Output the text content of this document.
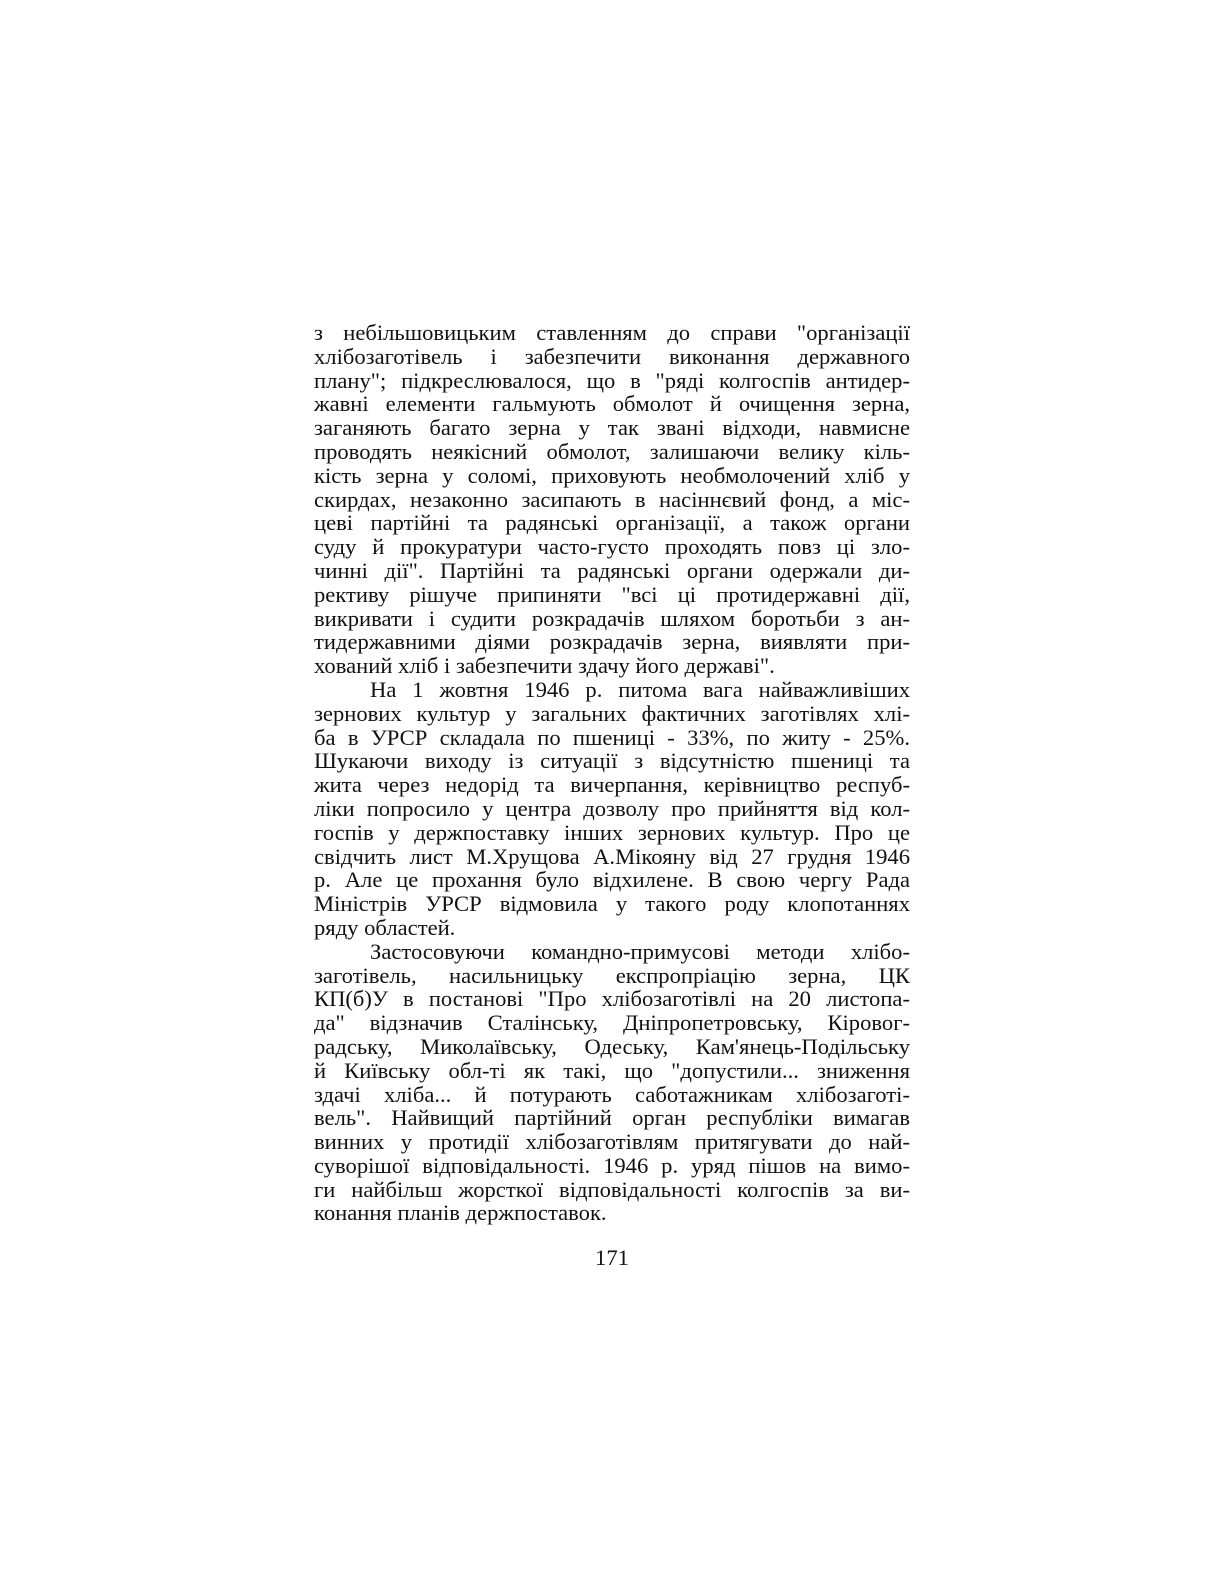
з небільшовицьким ставленням до справи "організації
хлібозаготівель і забезпечити виконання державного
плану"; підкреслювалося, що в "ряді колгоспів антидер-
жавні елементи гальмують обмолот й очищення зерна,
заганяють багато зерна у так звані відходи, навмисне
проводять неякісний обмолот, залишаючи велику кіль-
кість зерна у соломі, приховують необмолочений хліб у
скирдах, незаконно засипають в насіннєвий фонд, а міс-
цеві партійні та радянські організації, а також органи
суду й прокуратури часто-густо проходять повз ці зло-
чинні дії". Партійні та радянські органи одержали ди-
рективу рішуче припиняти "всі ці протидержавні дії,
викривати і судити розкрадачів шляхом боротьби з ан-
тидержавними діями розкрадачів зерна, виявляти при-
хований хліб і забезпечити здачу його державі".
На 1 жовтня 1946 р. питома вага найважливіших
зернових культур у загальних фактичних заготівлях хлі-
ба в УРСР складала по пшениці - 33%, по житу - 25%.
Шукаючи виходу із ситуації з відсутністю пшениці та
жита через недорід та вичерпання, керівництво респуб-
ліки попросило у центра дозволу про прийняття від кол-
госпів у держпоставку інших зернових культур. Про це
свідчить лист М.Хрущова А.Мікояну від 27 грудня 1946
р. Але це прохання було відхилене. В свою чергу Рада
Міністрів УРСР відмовила у такого роду клопотаннях
ряду областей.
Застосовуючи командно-примусові методи хлібо-
заготівель, насильницьку експропріацію зерна, ЦК
КП(б)У в постанові "Про хлібозаготівлі на 20 листопа-
да" відзначив Сталінську, Дніпропетровську, Кіровог-
радську, Миколаївську, Одеську, Кам'янець-Подільську
й Київську обл-ті як такі, що "допустили... зниження
здачі хліба... й потурають саботажникам хлібозаготі-
вель". Найвищий партійний орган республіки вимагав
винних у протидії хлібозаготівлям притягувати до най-
суворішої відповідальності. 1946 р. уряд пішов на вимо-
ги найбільш жорсткої відповідальності колгоспів за ви-
конання планів держпоставок.
171
